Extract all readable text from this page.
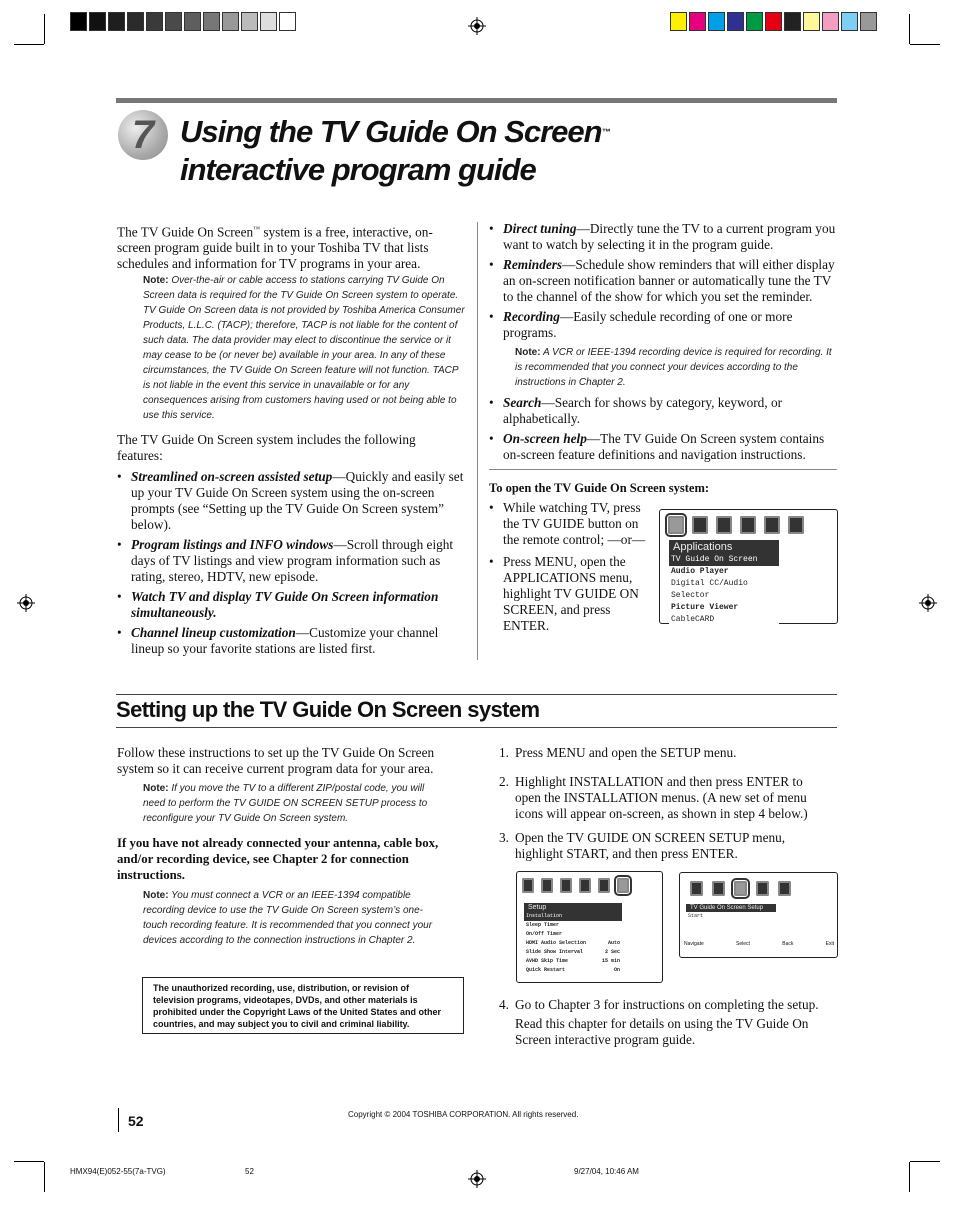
7 Using the TV Guide On Screen™
interactive program guide
The TV Guide On Screen™ system is a free, interactive, on-screen program guide built in to your Toshiba TV that lists schedules and information for TV programs in your area.
Note: Over-the-air or cable access to stations carrying TV Guide On Screen data is required for the TV Guide On Screen system to operate. TV Guide On Screen data is not provided by Toshiba America Consumer Products, L.L.C. (TACP); therefore, TACP is not liable for the content of such data. The data provider may elect to discontinue the service or it may cease to be (or never be) available in your area. In any of these circumstances, the TV Guide On Screen feature will not function. TACP is not liable in the event this service in unavailable or for any consequences arising from customers having used or not being able to use this service.
The TV Guide On Screen system includes the following features:
• Streamlined on-screen assisted setup—Quickly and easily set up your TV Guide On Screen system using the on-screen prompts (see “Setting up the TV Guide On Screen system” below).
• Program listings and INFO windows—Scroll through eight days of TV listings and view program information such as rating, stereo, HDTV, new episode.
• Watch TV and display TV Guide On Screen information simultaneously.
• Channel lineup customization—Customize your channel lineup so your favorite stations are listed first.
• Direct tuning—Directly tune the TV to a current program you want to watch by selecting it in the program guide.
• Reminders—Schedule show reminders that will either display an on-screen notification banner or automatically tune the TV to the channel of the show for which you set the reminder.
• Recording—Easily schedule recording of one or more programs.
Note: A VCR or IEEE-1394 recording device is required for recording. It is recommended that you connect your devices according to the instructions in Chapter 2.
• Search—Search for shows by category, keyword, or alphabetically.
• On-screen help—The TV Guide On Screen system contains on-screen feature definitions and navigation instructions.
To open the TV Guide On Screen system:
• While watching TV, press the TV GUIDE button on the remote control; —or—
• Press MENU, open the APPLICATIONS menu, highlight TV GUIDE ON SCREEN, and press ENTER.
Applications
TV Guide On Screen
Audio Player
Digital CC/Audio Selector
Picture Viewer
CableCARD
Setting up the TV Guide On Screen system
Follow these instructions to set up the TV Guide On Screen system so it can receive current program data for your area.
Note: If you move the TV to a different ZIP/postal code, you will need to perform the TV GUIDE ON SCREEN SETUP process to reconfigure your TV Guide On Screen system.
If you have not already connected your antenna, cable box, and/or recording device, see Chapter 2 for connection instructions.
Note: You must connect a VCR or an IEEE-1394 compatible recording device to use the TV Guide On Screen system’s one-touch recording feature. It is recommended that you connect your devices according to the connection instructions in Chapter 2.
The unauthorized recording, use, distribution, or revision of television programs, videotapes, DVDs, and other materials is prohibited under the Copyright Laws of the United States and other countries, and may subject you to civil and criminal liability.
1. Press MENU and open the SETUP menu.
2. Highlight INSTALLATION and then press ENTER to open the INSTALLATION menus. (A new set of menu icons will appear on-screen, as shown in step 4 below.)
3. Open the TV GUIDE ON SCREEN SETUP menu, highlight START, and then press ENTER.
Setup
Installation
Sleep Timer
On/Off Timer
HDMI Audio Selection	Auto
Slide Show Interval	2 Sec
AVHD Skip Time	15 min
Quick Restart	On
TV Guide On Screen Setup
Start
Navigate	Select	Back	Exit
4. Go to Chapter 3 for instructions on completing the setup.
Read this chapter for details on using the TV Guide On Screen interactive program guide.
52	Copyright © 2004 TOSHIBA CORPORATION. All rights reserved.
HMX94(E)052-55(7a-TVG)	52	9/27/04, 10:46 AM
